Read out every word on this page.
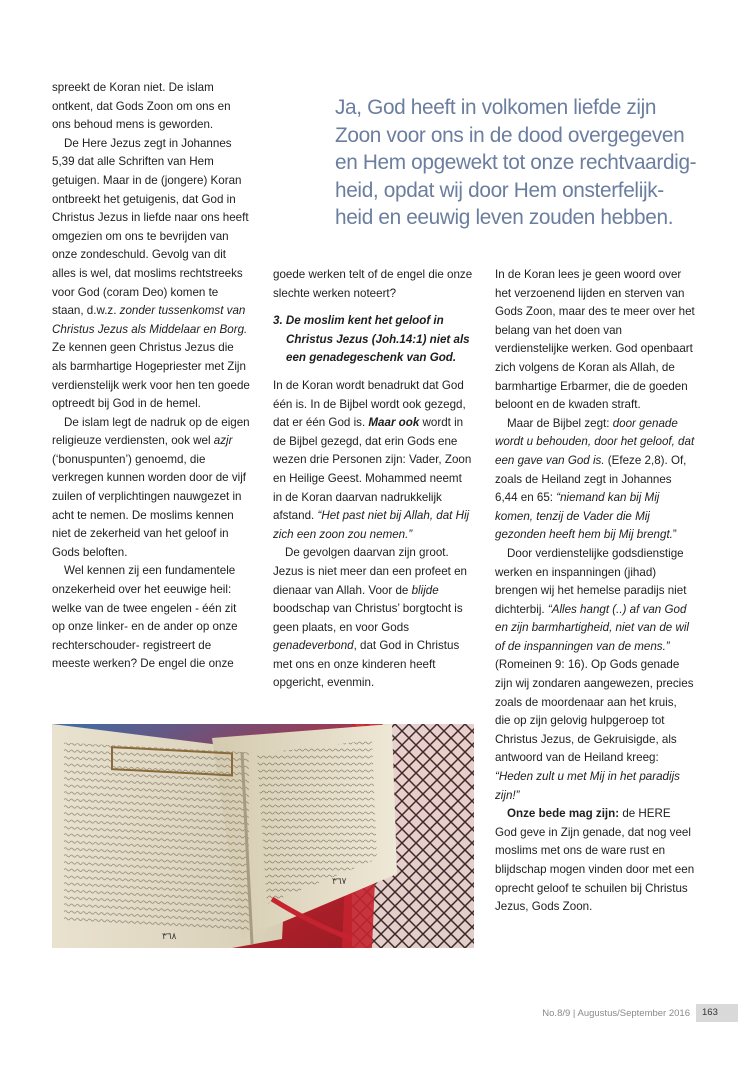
Ja, God heeft in volkomen liefde zijn
Zoon voor ons in de dood overgegeven
en Hem opgewekt tot onze rechtvaardig-
heid, opdat wij door Hem onsterfelijk-
heid en eeuwig leven zouden hebben.

spreekt de Koran niet. De islam ontkent, dat Gods Zoon om ons en ons behoud mens is geworden.

De Here Jezus zegt in Johannes 5,39 dat alle Schriften van Hem getuigen. Maar in de (jongere) Koran ontbreekt het getuigenis, dat God in Christus Jezus in liefde naar ons heeft omgezien om ons te bevrijden van onze zondeschuld. Gevolg van dit alles is wel, dat moslims rechtstreeks voor God (coram Deo) komen te staan, d.w.z. zonder tussenkomst van Christus Jezus als Middelaar en Borg. Ze kennen geen Christus Jezus die als barmhartige Hogepriester met Zijn verdienstelijk werk voor hen ten goede optreedt bij God in de hemel.

De islam legt de nadruk op de eigen religieuze verdiensten, ook wel azjr (‘bonuspunten’) genoemd, die verkregen kunnen worden door de vijf zuilen of verplichtingen nauwgezet in acht te nemen. De moslims kennen niet de zekerheid van het geloof in Gods beloften.

Wel kennen zij een fundamentele onzekerheid over het eeuwige heil: welke van de twee engelen - één zit op onze linker- en de ander op onze rechterschouder- registreert de meeste werken? De engel die onze

goede werken telt of de engel die onze slechte werken noteert?

3. De moslim kent het geloof in Christus Jezus (Joh.14:1) niet als een genadegeschenk van God.

In de Koran wordt benadrukt dat God één is. In de Bijbel wordt ook gezegd, dat er één God is. Maar ook wordt in de Bijbel gezegd, dat erin Gods ene wezen drie Personen zijn: Vader, Zoon en Heilige Geest. Mohammed neemt in de Koran daarvan nadrukkelijk afstand. “Het past niet bij Allah, dat Hij zich een zoon zou nemen.”

De gevolgen daarvan zijn groot. Jezus is niet meer dan een profeet en dienaar van Allah. Voor de blijde boodschap van Christus’ borgtocht is geen plaats, en voor Gods genadeverbond, dat God in Christus met ons en onze kinderen heeft opgericht, evenmin.

In de Koran lees je geen woord over het verzoenend lijden en sterven van Gods Zoon, maar des te meer over het belang van het doen van verdienstelijke werken. God openbaart zich volgens de Koran als Allah, de barmhartige Erbarmer, die de goeden beloont en de kwaden straft.

Maar de Bijbel zegt: door genade wordt u behouden, door het geloof, dat een gave van God is. (Efeze 2,8). Of, zoals de Heiland zegt in Johannes 6,44 en 65: “niemand kan bij Mij komen, tenzij de Vader die Mij gezonden heeft hem bij Mij brengt.”

Door verdienstelijke godsdienstige werken en inspanningen (jihad) brengen wij het hemelse paradijs niet dichterbij. “Alles hangt (..) af van God en zijn barmhartigheid, niet van de wil of de inspanningen van de mens.” (Romeinen 9: 16). Op Gods genade zijn wij zondaren aangewezen, precies zoals de moordenaar aan het kruis, die op zijn gelovig hulpgeroep tot Christus Jezus, de Gekruisigde, als antwoord van de Heiland kreeg: “Heden zult u met Mij in het paradijs zijn!”

Onze bede mag zijn: de HERE God geve in Zijn genade, dat nog veel moslims met ons de ware rust en blijdschap mogen vinden door met een oprecht geloof te schuilen bij Christus Jezus, Gods Zoon.

٣٦٧
٣٦٨
No.8/9 | Augustus/September 2016	163
